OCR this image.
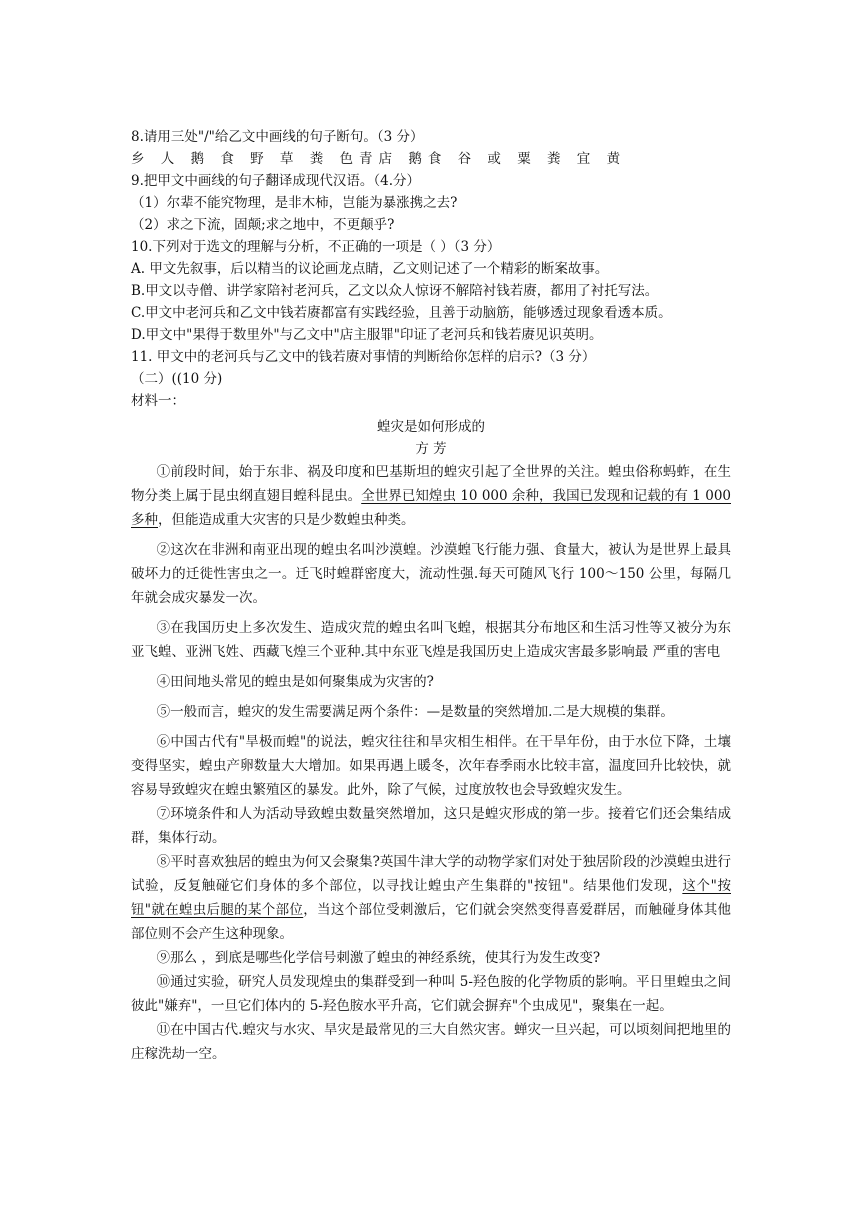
8.请用三处"/"给乙文中画线的句子断句。（3 分）
乡 人 鹅 食 野 草 粪 色青店 鹅食 谷 或 粟 粪 宜 黄
9.把甲文中画线的句子翻译成现代汉语。（4.分）
（1）尔辈不能究物理，是非木柿，岂能为暴涨携之去?
（2）求之下流，固颠;求之地中，不更颠乎?
10.下列对于选文的理解与分析，不正确的一项是（ ）（3 分）
A. 甲文先叙事，后以精当的议论画龙点睛，乙文则记述了一个精彩的断案故事。
B.甲文以寺僧、讲学家陪衬老河兵，乙文以众人惊讶不解陪衬钱若赓，都用了衬托写法。
C.甲文中老河兵和乙文中钱若赓都富有实践经验，且善于动脑筋，能够透过现象看透本质。
D.甲文中"果得于数里外"与乙文中"店主服罪"印证了老河兵和钱若赓见识英明。
11. 甲文中的老河兵与乙文中的钱若赓对事情的判断给你怎样的启示?（3 分）
（二）((10 分)
材料一：
蝗灾是如何形成的
方 芳

①前段时间，始于东非、祸及印度和巴基斯坦的蝗灾引起了全世界的关注。蝗虫俗称蚂蚱，在生物分类上属于昆虫纲直翅目蝗科昆虫。全世界已知煌虫 10 000 余种，我国已发现和记载的有 1 000 多种，但能造成重大灾害的只是少数蝗虫种类。

②这次在非洲和南亚出现的蝗虫名叫沙漠蝗。沙漠蝗飞行能力强、食量大，被认为是世界上最具破坏力的迁徙性害虫之一。迁飞时蝗群密度大，流动性强.每天可随风飞行 100～150 公里，每隔几年就会成灾暴发一次。

③在我国历史上多次发生、造成灾荒的蝗虫名叫飞蝗，根据其分布地区和生活习性等又被分为东亚飞蝗、亚洲飞姓、西藏飞煌三个亚种.其中东亚飞煌是我国历史上造成灾害最多影响最 严重的害电

④田间地头常见的蝗虫是如何聚集成为灾害的?

⑤一般而言，蝗灾的发生需要满足两个条件：—是数量的突然增加.二是大规模的集群。

⑥中国古代有"旱极而蝗"的说法，蝗灾往往和旱灾相生相伴。在干旱年份，由于水位下降，土壤变得坚实，蝗虫产卵数量大大增加。如果再遇上暖冬，次年春季雨水比较丰富，温度回升比较快，就容易导致蝗灾在蝗虫繁殖区的暴发。此外，除了气候，过度放牧也会导致蝗灾发生。

⑦环境条件和人为活动导致蝗虫数量突然增加，这只是蝗灾形成的第一步。接着它们还会集结成群，集体行动。

⑧平时喜欢独居的蝗虫为何又会聚集?英国牛津大学的动物学家们对处于独居阶段的沙漠蝗虫进行试验，反复触碰它们身体的多个部位，以寻找让蝗虫产生集群的"按钮"。结果他们发现，这个"按钮"就在蝗虫后腿的某个部位，当这个部位受刺激后，它们就会突然变得喜爱群居，而触碰身体其他部位则不会产生这种现象。

⑨那么 ，到底是哪些化学信号刺激了蝗虫的神经系统，使其行为发生改变?

⑩通过实验，研究人员发现煌虫的集群受到一种叫 5-羟色胺的化学物质的影响。平日里蝗虫之间彼此"嫌弃"，一旦它们体内的 5-羟色胺水平升高，它们就会摒弃"个虫成见"，聚集在一起。

⑪在中国古代.蝗灾与水灾、旱灾是最常见的三大自然灾害。蝉灾一旦兴起，可以顷刻间把地里的庄稼洗劫一空。
